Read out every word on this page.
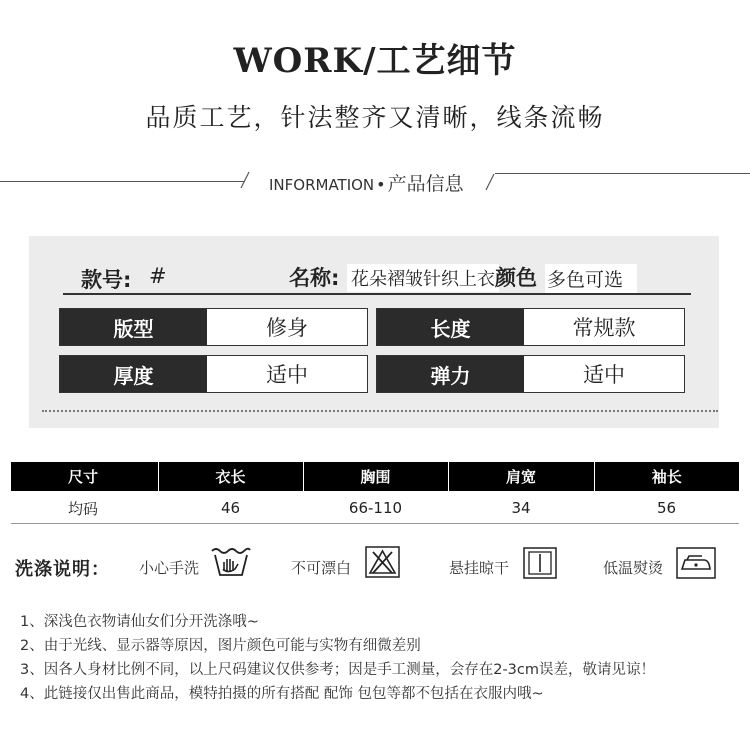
WORK/工艺细节
品质工艺，针法整齐又清晰，线条流畅
INFORMATION • 产品信息
款号: #	名称: 花朵褶皱针织上衣 颜色 多色可选
版型	修身	长度	常规款
厚度	适中	弹力	适中
尺寸	衣长	胸围	肩宽	袖长
均码	46	66-110	34	56
洗涤说明： 小心手洗	不可漂白	悬挂晾干	低温熨烫
1、深浅色衣物请仙女们分开洗涤哦~
2、由于光线、显示器等原因，图片颜色可能与实物有细微差别
3、因各人身材比例不同，以上尺码建议仅供参考；因是手工测量，会存在2-3cm误差，敬请见谅！
4、此链接仅出售此商品，模特拍摄的所有搭配 配饰 包包等都不包括在衣服内哦~
